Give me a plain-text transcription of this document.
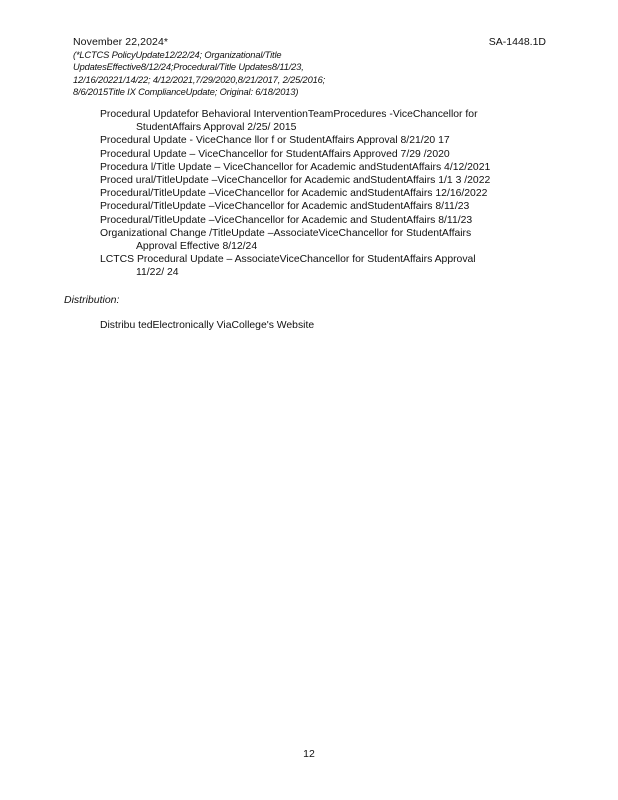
November 22,2024*	SA-1448.1D
(*LCTCS PolicyUpdate12/22/24; Organizational/Title
UpdatesEffective8/12/24;Procedural/Title Updates8/11/23,
12/16/20221/14/22; 4/12/2021,7/29/2020,8/21/2017, 2/25/2016;
8/6/2015Title IX ComplianceUpdate; Original: 6/18/2013)
Procedural Updatefor Behavioral InterventionTeamProcedures -ViceChancellor for
StudentAffairs Approval 2/25/ 2015
Procedural Update - ViceChance llor f or StudentAffairs Approval 8/21/20 17
Procedural Update – ViceChancellor for StudentAffairs Approved 7/29 /2020
Procedura l/Title Update – ViceChancellor for Academic andStudentAffairs 4/12/2021
Proced ural/TitleUpdate –ViceChancellor for Academic andStudentAffairs 1/1 3 /2022
Procedural/TitleUpdate –ViceChancellor for Academic andStudentAffairs 12/16/2022
Procedural/TitleUpdate –ViceChancellor for Academic andStudentAffairs 8/11/23
Procedural/TitleUpdate –ViceChancellor for Academic and StudentAffairs 8/11/23
Organizational Change /TitleUpdate –AssociateViceChancellor for StudentAffairs
Approval Effective 8/12/24
LCTCS Procedural Update – AssociateViceChancellor for StudentAffairs Approval
11/22/ 24
Distribution:
Distribu tedElectronically ViaCollege's Website
12
